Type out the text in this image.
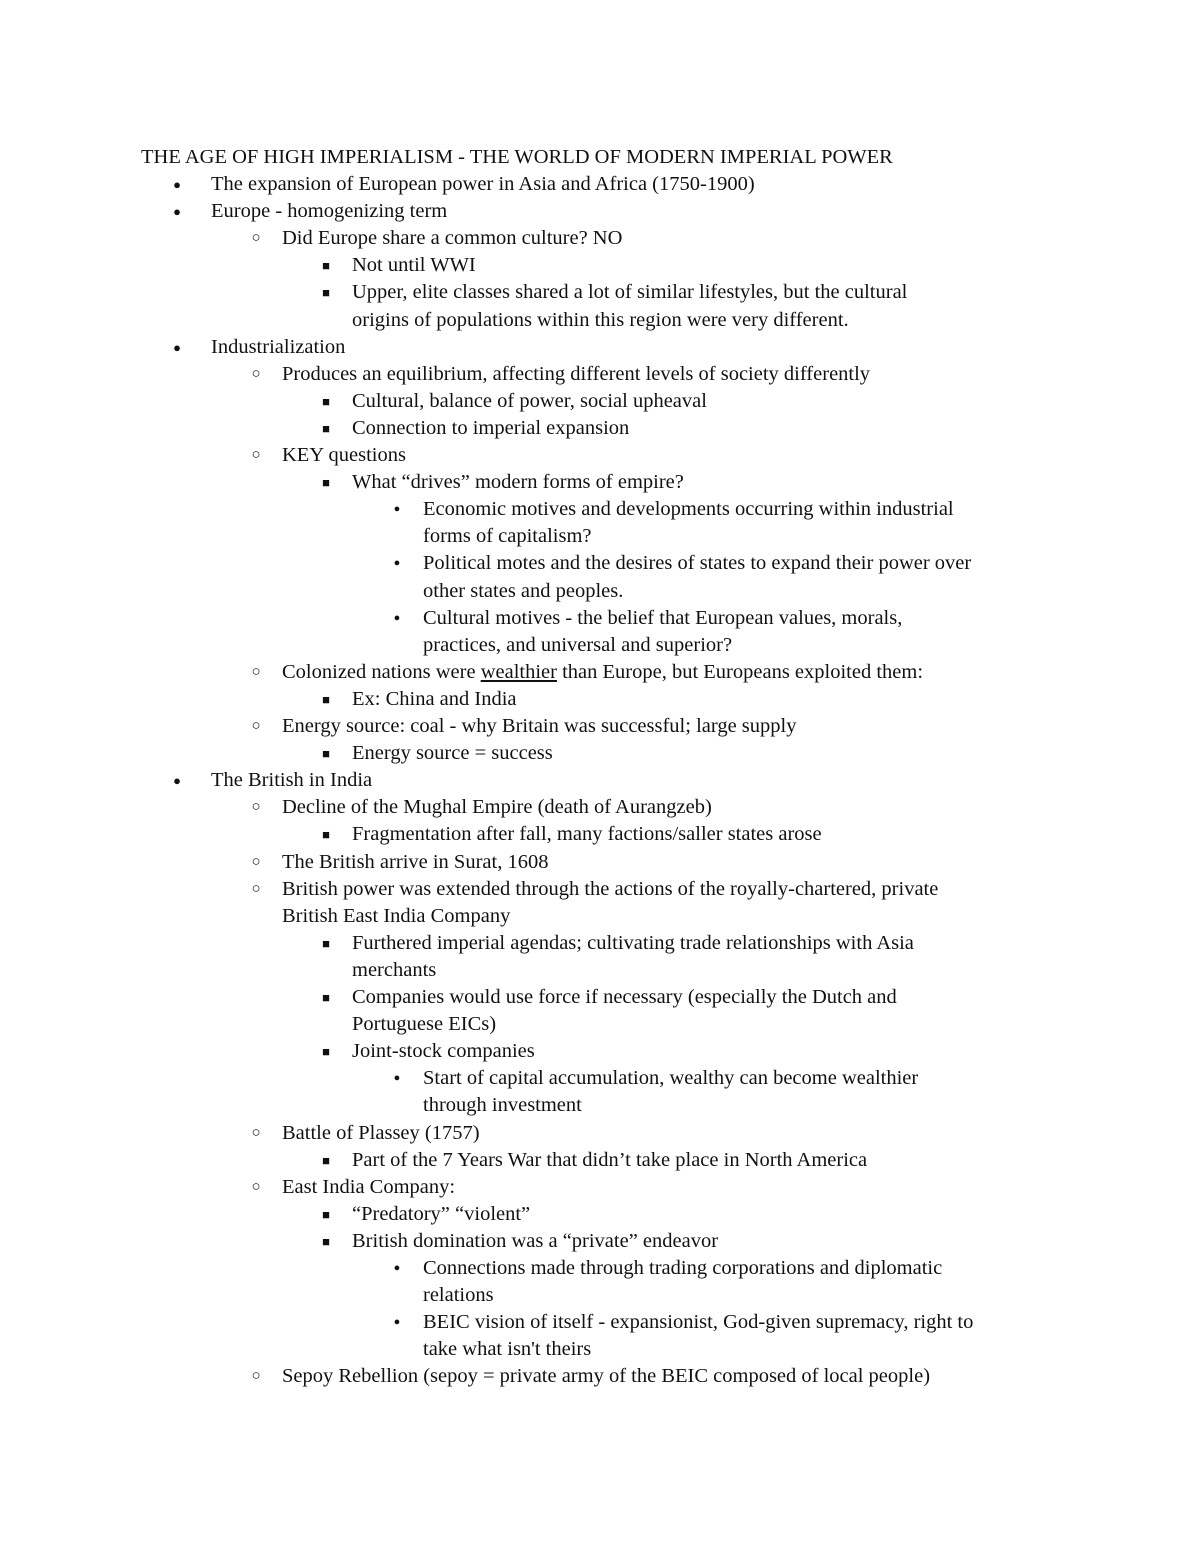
THE AGE OF HIGH IMPERIALISM - THE WORLD OF MODERN IMPERIAL POWER
● The expansion of European power in Asia and Africa (1750-1900)
● Europe - homogenizing term
○ Did Europe share a common culture? NO
■ Not until WWI
■ Upper, elite classes shared a lot of similar lifestyles, but the cultural
origins of populations within this region were very different.
● Industrialization
○ Produces an equilibrium, affecting different levels of society differently
■ Cultural, balance of power, social upheaval
■ Connection to imperial expansion
○ KEY questions
■ What “drives” modern forms of empire?
● Economic motives and developments occurring within industrial
forms of capitalism?
● Political motes and the desires of states to expand their power over
other states and peoples.
● Cultural motives - the belief that European values, morals,
practices, and universal and superior?
○ Colonized nations were wealthier than Europe, but Europeans exploited them:
■ Ex: China and India
○ Energy source: coal - why Britain was successful; large supply
■ Energy source = success
● The British in India
○ Decline of the Mughal Empire (death of Aurangzeb)
■ Fragmentation after fall, many factions/saller states arose
○ The British arrive in Surat, 1608
○ British power was extended through the actions of the royally-chartered, private
British East India Company
■ Furthered imperial agendas; cultivating trade relationships with Asia
merchants
■ Companies would use force if necessary (especially the Dutch and
Portuguese EICs)
■ Joint-stock companies
● Start of capital accumulation, wealthy can become wealthier
through investment
○ Battle of Plassey (1757)
■ Part of the 7 Years War that didn’t take place in North America
○ East India Company:
■ “Predatory” “violent”
■ British domination was a “private” endeavor
● Connections made through trading corporations and diplomatic
relations
● BEIC vision of itself - expansionist, God-given supremacy, right to
take what isn't theirs
○ Sepoy Rebellion (sepoy = private army of the BEIC composed of local people)
